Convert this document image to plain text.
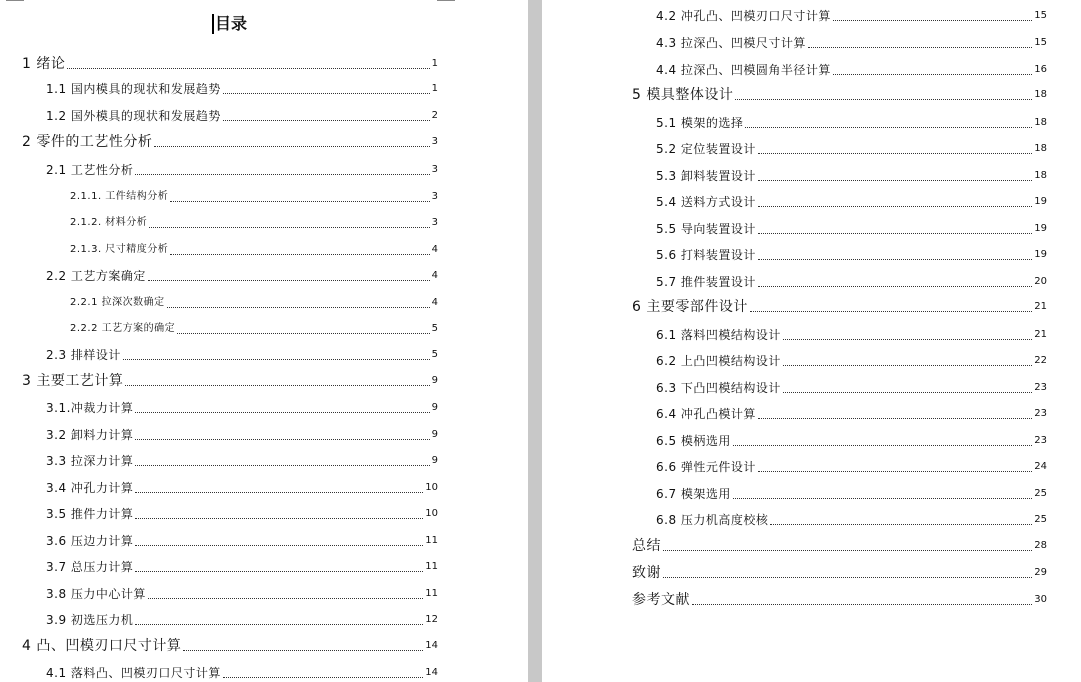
目录
1 绪论	1
1.1 国内模具的现状和发展趋势	1
1.2 国外模具的现状和发展趋势	2
2 零件的工艺性分析	3
2.1 工艺性分析	3
2.1.1. 工件结构分析	3
2.1.2. 材料分析	3
2.1.3. 尺寸精度分析	4
2.2 工艺方案确定	4
2.2.1 拉深次数确定	4
2.2.2 工艺方案的确定	5
2.3 排样设计	5
3 主要工艺计算	9
3.1.冲裁力计算	9
3.2 卸料力计算	9
3.3 拉深力计算	9
3.4 冲孔力计算	10
3.5 推件力计算	10
3.6 压边力计算	11
3.7 总压力计算	11
3.8 压力中心计算	11
3.9 初选压力机	12
4 凸、凹模刃口尺寸计算	14
4.1 落料凸、凹模刃口尺寸计算	14
4.2 冲孔凸、凹模刃口尺寸计算	15
4.3 拉深凸、凹模尺寸计算	15
4.4 拉深凸、凹模圆角半径计算	16
5 模具整体设计	18
5.1 模架的选择	18
5.2 定位装置设计	18
5.3 卸料装置设计	18
5.4 送料方式设计	19
5.5 导向装置设计	19
5.6 打料装置设计	19
5.7 推件装置设计	20
6 主要零部件设计	21
6.1 落料凹模结构设计	21
6.2 上凸凹模结构设计	22
6.3 下凸凹模结构设计	23
6.4 冲孔凸模计算	23
6.5 模柄选用	23
6.6 弹性元件设计	24
6.7 模架选用	25
6.8 压力机高度校核	25
总结	28
致谢	29
参考文献	30
